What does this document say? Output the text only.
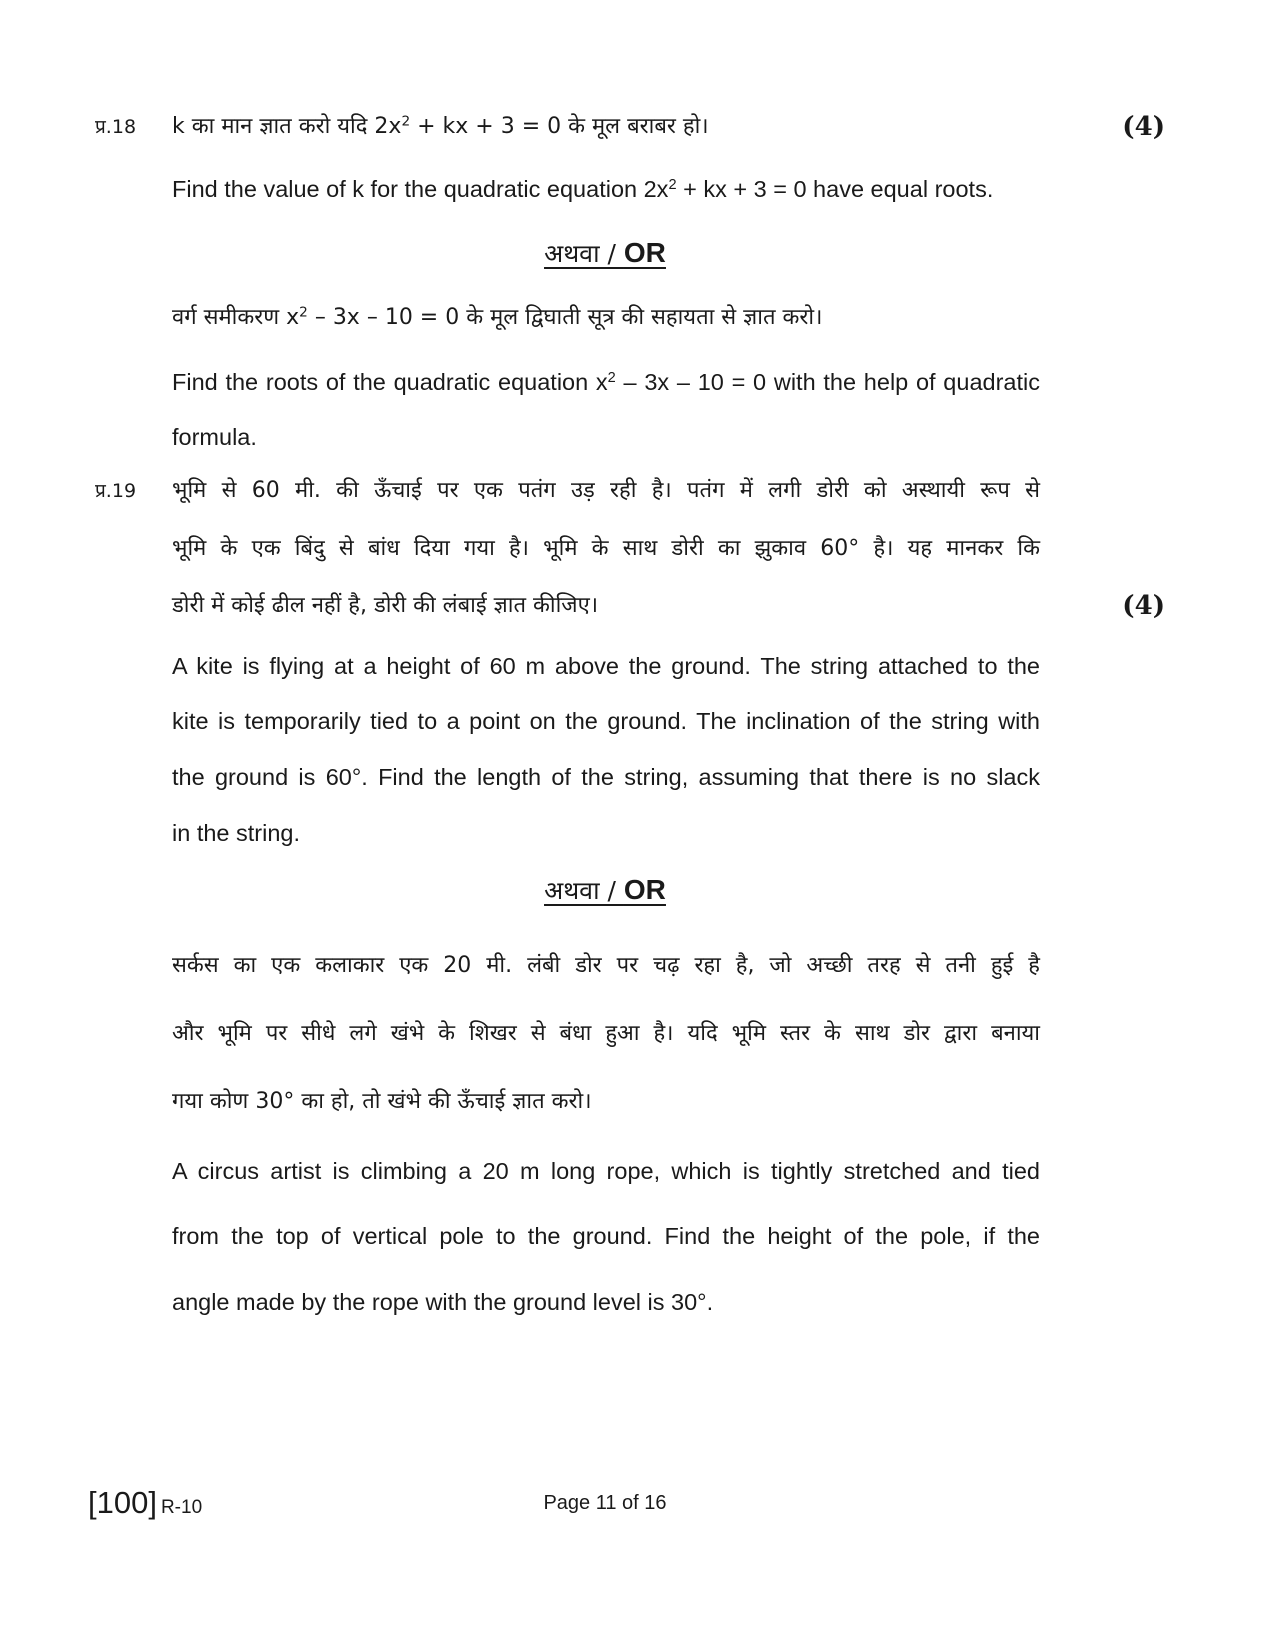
प्र.18 k का मान ज्ञात करो यदि $2x^2$ + kx + 3 = 0 के मूल बराबर हो।	(4)
Find the value of k for the quadratic equation $2x^2$ + kx + 3 = 0 have equal roots.
अथवा / OR
वर्ग समीकरण $x^2 - 3x - 10 = 0$ के मूल द्विघाती सूत्र की सहायता से ज्ञात करो।
Find the roots of the quadratic equation $x^2 - 3x - 10 = 0$ with the help of quadratic
formula.
प्र.19 भूमि से 60 मी. की ऊँचाई पर एक पतंग उड़ रही है। पतंग में लगी डोरी को अस्थायी रूप से
भूमि के एक बिंदु से बांध दिया गया है। भूमि के साथ डोरी का झुकाव 60° है। यह मानकर कि
डोरी में कोई ढील नहीं है, डोरी की लंबाई ज्ञात कीजिए।	(4)
A kite is flying at a height of 60 m above the ground. The string attached to the
kite is temporarily tied to a point on the ground. The inclination of the string with
the ground is 60°. Find the length of the string, assuming that there is no slack
in the string.
अथवा / OR
सर्कस का एक कलाकार एक 20 मी. लंबी डोर पर चढ़ रहा है, जो अच्छी तरह से तनी हुई है
और भूमि पर सीधे लगे खंभे के शिखर से बंधा हुआ है। यदि भूमि स्तर के साथ डोर द्वारा बनाया
गया कोण 30° का हो, तो खंभे की ऊँचाई ज्ञात करो।
A circus artist is climbing a 20 m long rope, which is tightly stretched and tied
from the top of vertical pole to the ground. Find the height of the pole, if the
angle made by the rope with the ground level is 30°.
[100] R-10	Page 11 of 16
